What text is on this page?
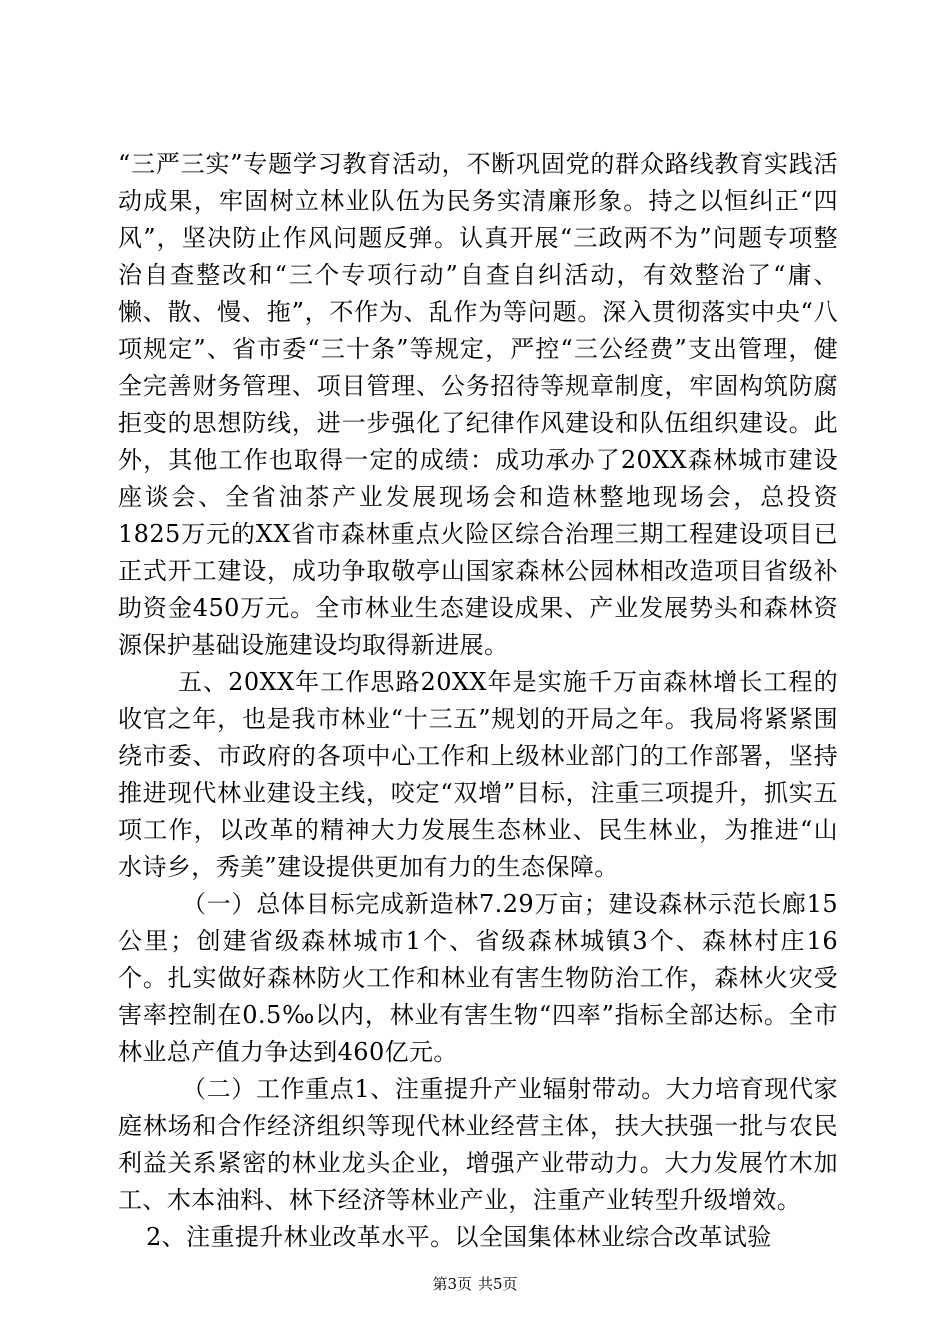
“三严三实”专题学习教育活动，不断巩固党的群众路线教育实践活动成果，牢固树立林业队伍为民务实清廉形象。持之以恒纠正“四风”，坚决防止作风问题反弹。认真开展“三政两不为”问题专项整治自查整改和“三个专项行动”自查自纠活动，有效整治了“庸、懒、散、慢、拖”，不作为、乱作为等问题。深入贯彻落实中央“八项规定”、省市委“三十条”等规定，严控“三公经费”支出管理，健全完善财务管理、项目管理、公务招待等规章制度，牢固构筑防腐拒变的思想防线，进一步强化了纪律作风建设和队伍组织建设。此外，其他工作也取得一定的成绩：成功承办了20XX森林城市建设座谈会、全省油茶产业发展现场会和造林整地现场会，总投资1825万元的XX省市森林重点火险区综合治理三期工程建设项目已正式开工建设，成功争取敬亭山国家森林公园林相改造项目省级补助资金450万元。全市林业生态建设成果、产业发展势头和森林资源保护基础设施建设均取得新进展。

五、20XX年工作思路20XX年是实施千万亩森林增长工程的收官之年，也是我市林业“十三五”规划的开局之年。我局将紧紧围绕市委、市政府的各项中心工作和上级林业部门的工作部署，坚持推进现代林业建设主线，咬定“双增”目标，注重三项提升，抓实五项工作，以改革的精神大力发展生态林业、民生林业，为推进“山水诗乡，秀美”建设提供更加有力的生态保障。

（一）总体目标完成新造林7.29万亩；建设森林示范长廊15公里；创建省级森林城市1个、省级森林城镇3个、森林村庄16个。扎实做好森林防火工作和林业有害生物防治工作，森林火灾受害率控制在0.5‰以内，林业有害生物“四率”指标全部达标。全市林业总产值力争达到460亿元。

（二）工作重点1、注重提升产业辐射带动。大力培育现代家庭林场和合作经济组织等现代林业经营主体，扶大扶强一批与农民利益关系紧密的林业龙头企业，增强产业带动力。大力发展竹木加工、木本油料、林下经济等林业产业，注重产业转型升级增效。

2、注重提升林业改革水平。以全国集体林业综合改革试验

第3页 共5页
